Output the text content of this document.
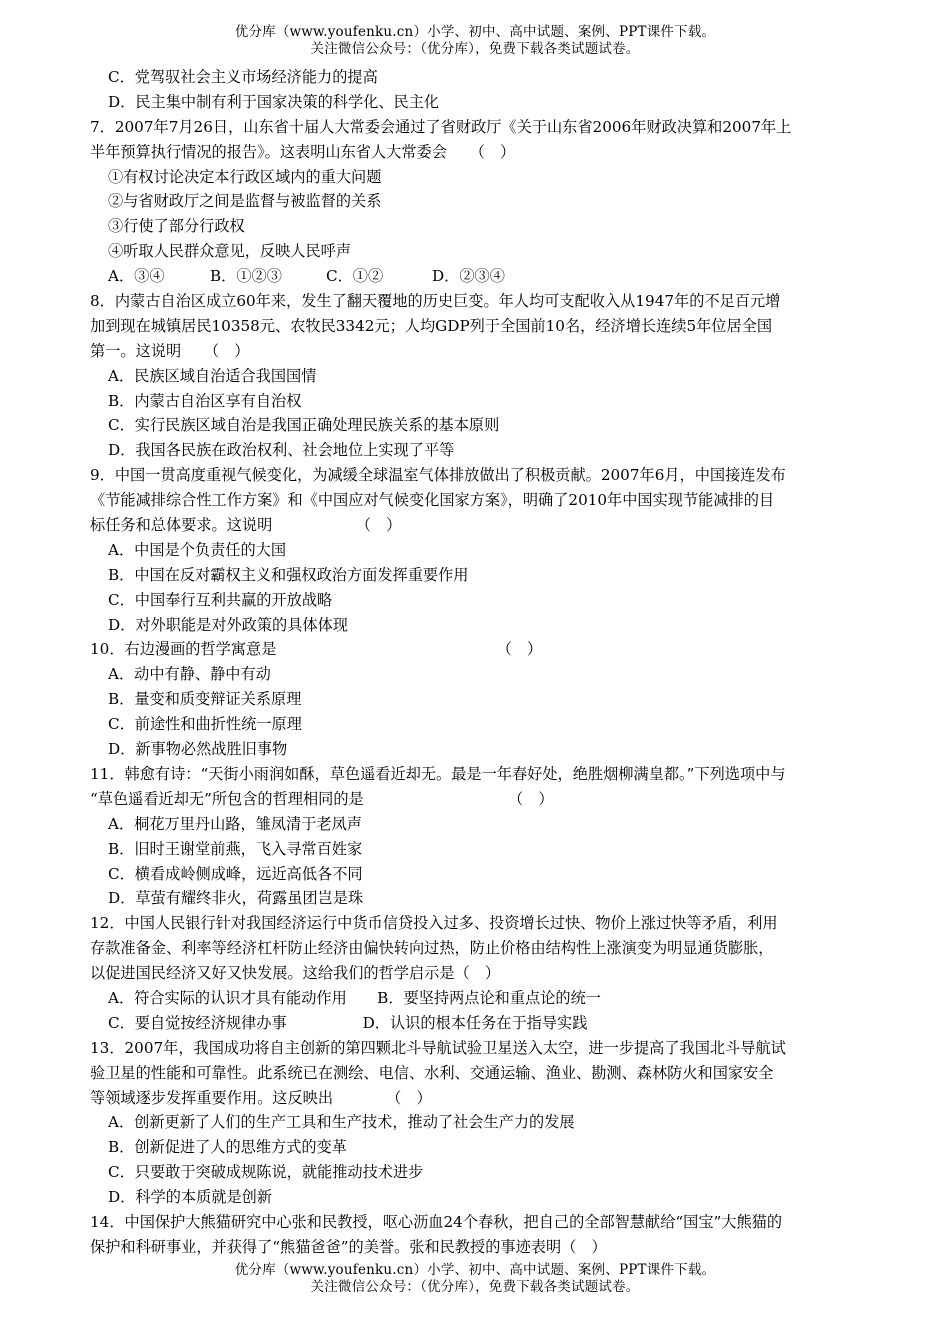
优分库（www.youfenku.cn）小学、初中、高中试题、案例、PPT课件下载。
关注微信公众号：（优分库），免费下载各类试题试卷。
C．党驾驭社会主义市场经济能力的提高
D．民主集中制有利于国家决策的科学化、民主化
7．2007年7月26日，山东省十届人大常委会通过了省财政厅《关于山东省2006年财政决算和2007年上
半年预算执行情况的报告》。这表明山东省人大常委会　　（　）
①有权讨论决定本行政区域内的重大问题
②与省财政厅之间是监督与被监督的关系
③行使了部分行政权
④听取人民群众意见，反映人民呼声
A．③④	B．①②③	C．①②	D．②③④
8．内蒙古自治区成立60年来，发生了翻天覆地的历史巨变。年人均可支配收入从1947年的不足百元增
加到现在城镇居民10358元、农牧民3342元；人均GDP列于全国前10名，经济增长连续5年位居全国
第一。这说明　　（　）
A．民族区域自治适合我国国情
B．内蒙古自治区享有自治权
C．实行民族区域自治是我国正确处理民族关系的基本原则
D．我国各民族在政治权利、社会地位上实现了平等
9．中国一贯高度重视气候变化，为减缓全球温室气体排放做出了积极贡献。2007年6月，中国接连发布
《节能减排综合性工作方案》和《中国应对气候变化国家方案》，明确了2010年中国实现节能减排的目
标任务和总体要求。这说明　　　　　　（　）
A．中国是个负责任的大国
B．中国在反对霸权主义和强权政治方面发挥重要作用
C．中国奉行互利共赢的开放战略
D．对外职能是对外政策的具体体现
10．右边漫画的哲学寓意是　　　　　　　　　　　　　　　（　）
A．动中有静、静中有动
B．量变和质变辩证关系原理
C．前途性和曲折性统一原理
D．新事物必然战胜旧事物
11．韩愈有诗：“天街小雨润如酥，草色遥看近却无。最是一年春好处，绝胜烟柳满皇都。”下列选项中与
“草色遥看近却无”所包含的哲理相同的是　　　　　　　　　　（　）
A．桐花万里丹山路，雏凤清于老凤声
B．旧时王谢堂前燕，飞入寻常百姓家
C．横看成岭侧成峰，远近高低各不同
D．草萤有耀终非火，荷露虽团岂是珠
12．中国人民银行针对我国经济运行中货币信贷投入过多、投资增长过快、物价上涨过快等矛盾，利用
存款准备金、利率等经济杠杆防止经济由偏快转向过热，防止价格由结构性上涨演变为明显通货膨胀，
以促进国民经济又好又快发展。这给我们的哲学启示是（　）
A．符合实际的认识才具有能动作用　　B．要坚持两点论和重点论的统一
C．要自觉按经济规律办事　　　　　D．认识的根本任务在于指导实践
13．2007年，我国成功将自主创新的第四颗北斗导航试验卫星送入太空，进一步提高了我国北斗导航试
验卫星的性能和可靠性。此系统已在测绘、电信、水利、交通运输、渔业、勘测、森林防火和国家安全
等领域逐步发挥重要作用。这反映出　　　　（　）
A．创新更新了人们的生产工具和生产技术，推动了社会生产力的发展
B．创新促进了人的思维方式的变革
C．只要敢于突破成规陈说，就能推动技术进步
D．科学的本质就是创新
14．中国保护大熊猫研究中心张和民教授，呕心沥血24个春秋，把自己的全部智慧献给“国宝”大熊猫的
保护和科研事业，并获得了“熊猫爸爸”的美誉。张和民教授的事迹表明（　）
优分库（www.youfenku.cn）小学、初中、高中试题、案例、PPT课件下载。
关注微信公众号：（优分库），免费下载各类试题试卷。
